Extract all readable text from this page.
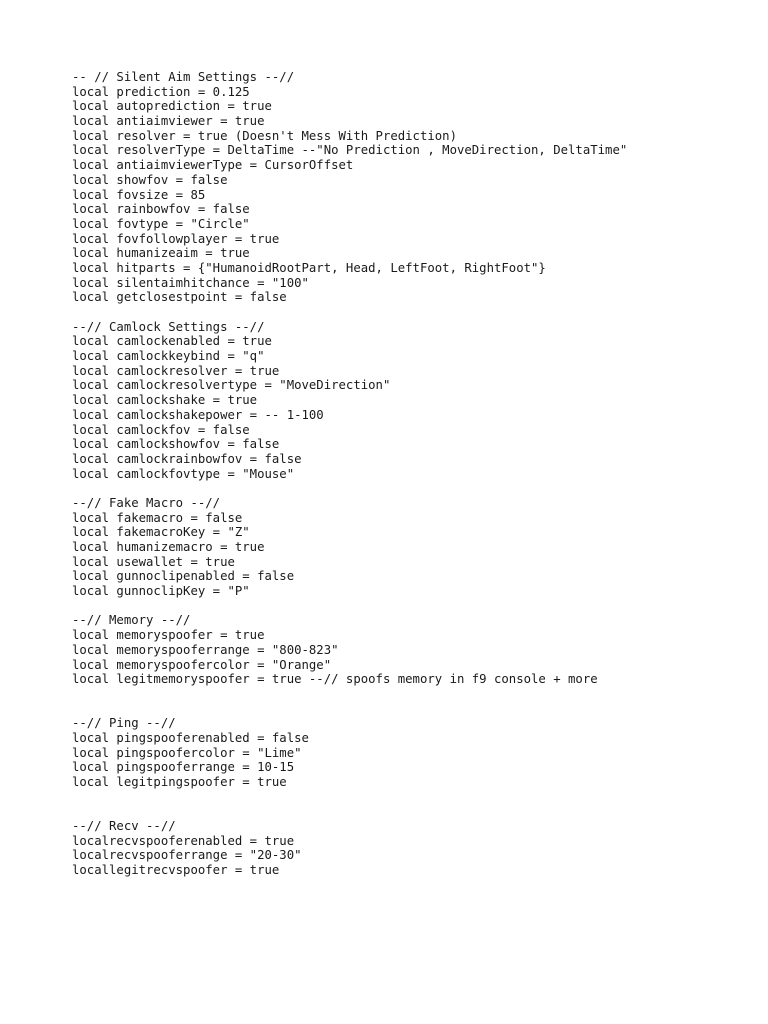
-- // Silent Aim Settings --//
local prediction = 0.125
local autoprediction = true
local antiaimviewer = true
local resolver = true (Doesn't Mess With Prediction)
local resolverType = DeltaTime --"No Prediction , MoveDirection, DeltaTime"
local antiaimviewerType = CursorOffset
local showfov = false
local fovsize = 85
local rainbowfov = false
local fovtype = "Circle"
local fovfollowplayer = true
local humanizeaim = true
local hitparts = {"HumanoidRootPart, Head, LeftFoot, RightFoot"}
local silentaimhitchance = "100"
local getclosestpoint = false
--// Camlock Settings --//
local camlockenabled = true
local camlockkeybind = "q"
local camlockresolver = true
local camlockresolvertype = "MoveDirection"
local camlockshake = true
local camlockshakepower = -- 1-100
local camlockfov = false
local camlockshowfov = false
local camlockrainbowfov = false
local camlockfovtype = "Mouse"
--// Fake Macro --//
local fakemacro = false
local fakemacroKey = "Z"
local humanizemacro = true
local usewallet = true
local gunnoclipenabled = false
local gunnoclipKey = "P"
--// Memory --//
local memoryspoofer = true
local memoryspooferrange = "800-823"
local memoryspoofercolor = "Orange"
local legitmemoryspoofer = true --// spoofs memory in f9 console + more
--// Ping --//
local pingspooferenabled = false
local pingspoofercolor = "Lime"
local pingspooferrange = 10-15
local legitpingspoofer = true
--// Recv --//
localrecvspooferenabled = true
localrecvspooferrange = "20-30"
locallegitrecvspoofer = true
